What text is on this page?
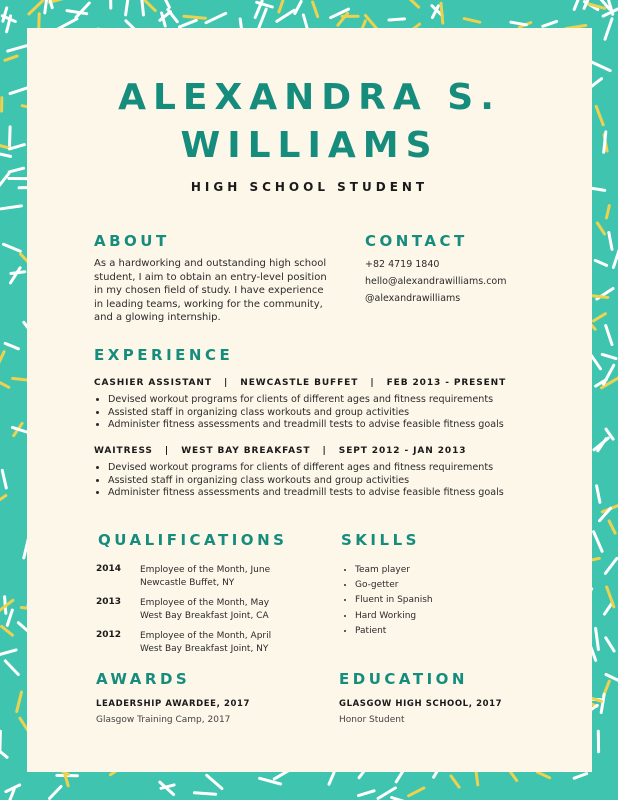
ALEXANDRA S.
WILLIAMS
HIGH SCHOOL STUDENT
ABOUT
As a hardworking and outstanding high school
student, I aim to obtain an entry-level position
in my chosen field of study. I have experience
in leading teams, working for the community,
and a glowing internship.
CONTACT
+82 4719 1840
hello@alexandrawilliams.com
@alexandrawilliams
EXPERIENCE
CASHIER ASSISTANT   |   NEWCASTLE BUFFET   |   FEB 2013 - PRESENT
• Devised workout programs for clients of different ages and fitness requirements
• Assisted staff in organizing class workouts and group activities
• Administer fitness assessments and treadmill tests to advise feasible fitness goals
WAITRESS   |   WEST BAY BREAKFAST   |   SEPT 2012 - JAN 2013
• Devised workout programs for clients of different ages and fitness requirements
• Assisted staff in organizing class workouts and group activities
• Administer fitness assessments and treadmill tests to advise feasible fitness goals
QUALIFICATIONS
2014	Employee of the Month, June
Newcastle Buffet, NY
2013	Employee of the Month, May
West Bay Breakfast Joint, CA
2012	Employee of the Month, April
West Bay Breakfast Joint, NY
SKILLS
• Team player
• Go-getter
• Fluent in Spanish
• Hard Working
• Patient
AWARDS
LEADERSHIP AWARDEE, 2017
Glasgow Training Camp, 2017
EDUCATION
GLASGOW HIGH SCHOOL, 2017
Honor Student
